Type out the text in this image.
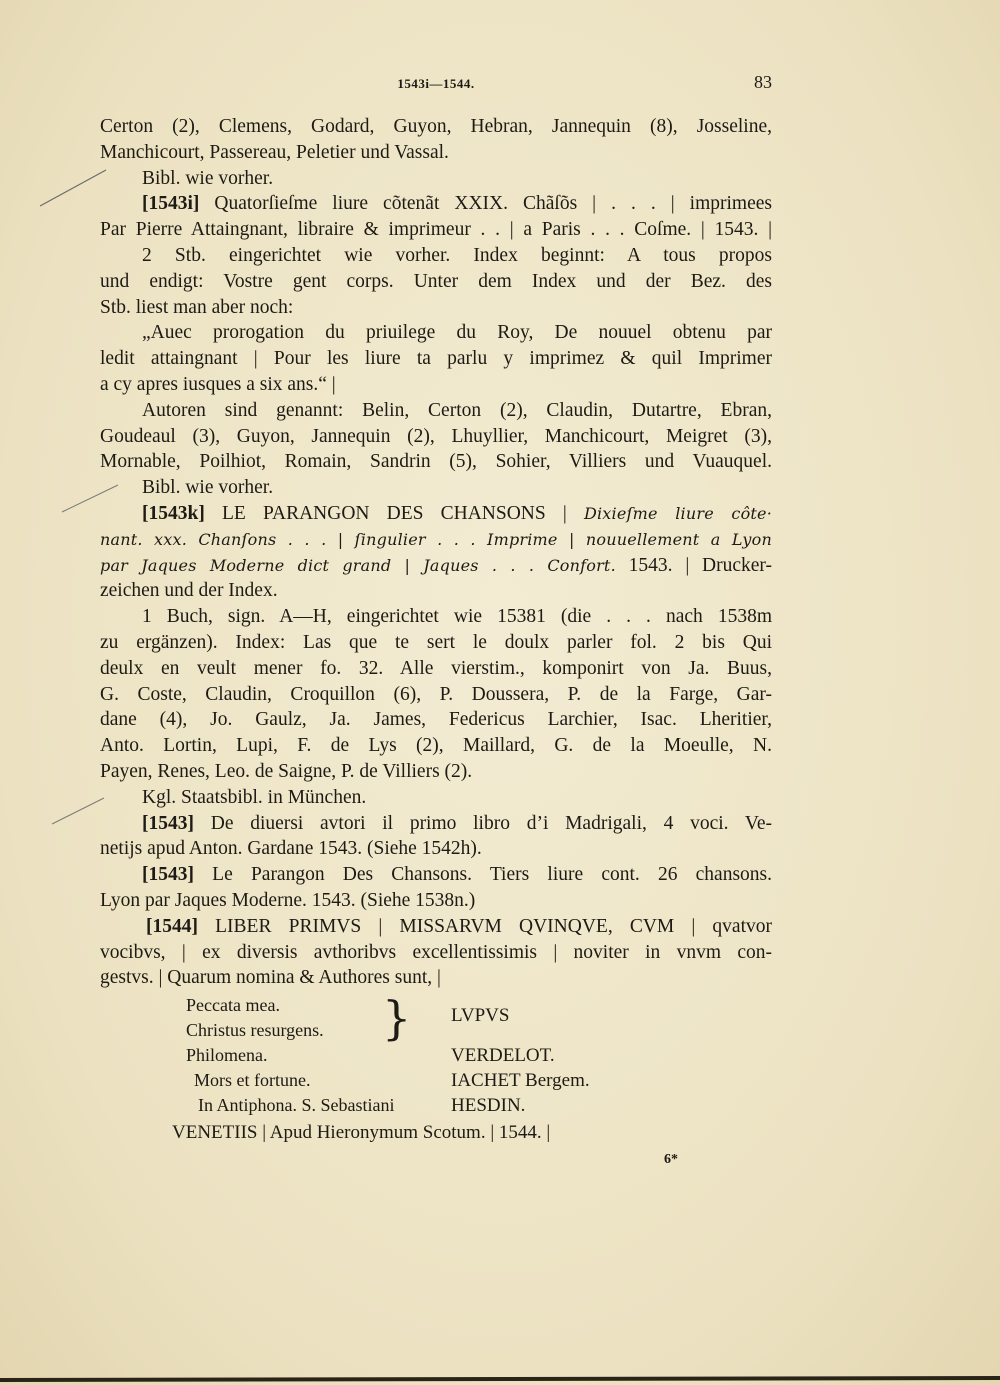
1543i—1544.	83
Certon (2), Clemens, Godard, Guyon, Hebran, Jannequin (8), Josseline,
Manchicourt, Passereau, Peletier und Vassal.
Bibl. wie vorher.
[1543i] Quatorſieſme liure cõtenãt XXIX. Chãſõs | . . . | imprimees
Par Pierre Attaingnant, libraire & imprimeur . . | a Paris . . . Coſme. | 1543. |
2 Stb. eingerichtet wie vorher. Index beginnt: A tous propos
und endigt: Vostre gent corps. Unter dem Index und der Bez. des
Stb. liest man aber noch:
„Auec prorogation du priuilege du Roy, De nouuel obtenu par
ledit attaingnant | Pour les liure ta parlu y imprimez & quil Imprimer
a cy apres iusques a six ans.“ |
Autoren sind genannt: Belin, Certon (2), Claudin, Dutartre, Ebran,
Goudeaul (3), Guyon, Jannequin (2), Lhuyllier, Manchicourt, Meigret (3),
Mornable, Poilhiot, Romain, Sandrin (5), Sohier, Villiers und Vuauquel.
Bibl. wie vorher.
[1543k] LE PARANGON DES CHANSONS | Dixieſme liure côte·
nant. xxx. Chanſons . . . | ſingulier . . . Imprime | nouuellement a Lyon
par Jaques Moderne dict grand | Jaques . . . Confort. 1543. | Drucker-
zeichen und der Index.
1 Buch, sign. A—H, eingerichtet wie 15381 (die . . . nach 1538m
zu ergänzen). Index: Las que te sert le doulx parler fol. 2 bis Qui
deulx en veult mener fo. 32. Alle vierstim., komponirt von Ja. Buus,
G. Coste, Claudin, Croquillon (6), P. Doussera, P. de la Farge, Gar-
dane (4), Jo. Gaulz, Ja. James, Federicus Larchier, Isac. Lheritier,
Anto. Lortin, Lupi, F. de Lys (2), Maillard, G. de la Moeulle, N.
Payen, Renes, Leo. de Saigne, P. de Villiers (2).
Kgl. Staatsbibl. in München.
[1543] De diuersi avtori il primo libro d’i Madrigali, 4 voci. Ve-
netijs apud Anton. Gardane 1543. (Siehe 1542h).
[1543] Le Parangon Des Chansons. Tiers liure cont. 26 chansons.
Lyon par Jaques Moderne. 1543. (Siehe 1538n.)
[1544] LIBER PRIMVS | MISSARVM QVINQVE, CVM | qvatvor
vocibvs, | ex diversis avthoribvs excellentissimis | noviter in vnvm con-
gestvs. | Quarum nomina & Authores sunt, |
Peccata mea.
Christus resurgens. } LVPVS
Philomena.	VERDELOT.
Mors et fortune.	IACHET Bergem.
In Antiphona. S. Sebastiani	HESDIN.
VENETIIS | Apud Hieronymum Scotum. | 1544. |
6*
